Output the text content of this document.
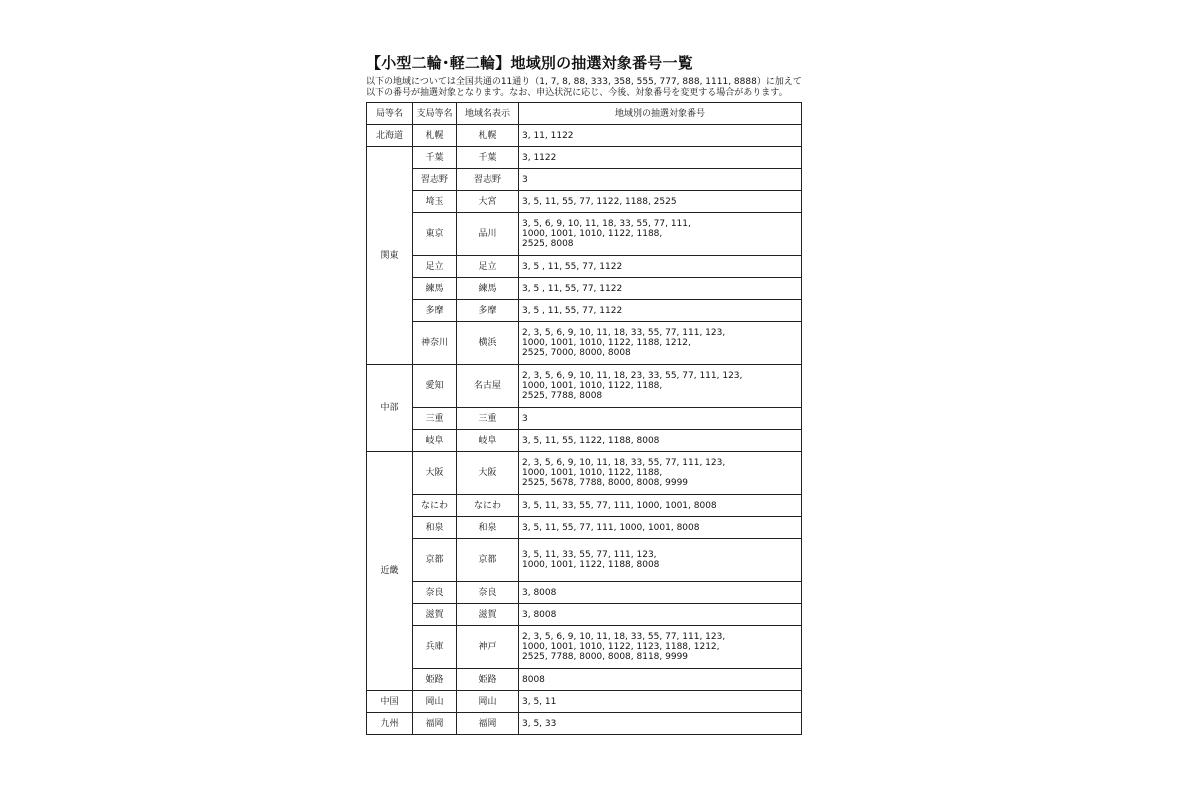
【小型二輪･軽二輪】地域別の抽選対象番号一覧
以下の地域については全国共通の11通り（1, 7, 8, 88, 333, 358, 555, 777, 888, 1111, 8888）に加えて以下の番号が抽選対象となります。なお、申込状況に応じ、今後、対象番号を変更する場合があります。
局等名	支局等名	地域名表示	地域別の抽選対象番号
北海道	札幌	札幌	3, 11, 1122
関東	千葉	千葉	3, 1122
	習志野	習志野	3
	埼玉	大宮	3, 5, 11, 55, 77, 1122, 1188, 2525
	東京	品川	3, 5, 6, 9, 10, 11, 18, 33, 55, 77, 111,
1000, 1001, 1010, 1122, 1188,
2525, 8008
	足立	足立	3, 5 , 11, 55, 77, 1122
	練馬	練馬	3, 5 , 11, 55, 77, 1122
	多摩	多摩	3, 5 , 11, 55, 77, 1122
	神奈川	横浜	2, 3, 5, 6, 9, 10, 11, 18, 33, 55, 77, 111, 123,
1000, 1001, 1010, 1122, 1188, 1212,
2525, 7000, 8000, 8008
中部	愛知	名古屋	2, 3, 5, 6, 9, 10, 11, 18, 23, 33, 55, 77, 111, 123,
1000, 1001, 1010, 1122, 1188,
2525, 7788, 8008
	三重	三重	3
	岐阜	岐阜	3, 5, 11, 55, 1122, 1188, 8008
近畿	大阪	大阪	2, 3, 5, 6, 9, 10, 11, 18, 33, 55, 77, 111, 123,
1000, 1001, 1010, 1122, 1188,
2525, 5678, 7788, 8000, 8008, 9999
	なにわ	なにわ	3, 5, 11, 33, 55, 77, 111, 1000, 1001, 8008
	和泉	和泉	3, 5, 11, 55, 77, 111, 1000, 1001, 8008
	京都	京都	3, 5, 11, 33, 55, 77, 111, 123,
1000, 1001, 1122, 1188, 8008
	奈良	奈良	3, 8008
	滋賀	滋賀	3, 8008
	兵庫	神戸	2, 3, 5, 6, 9, 10, 11, 18, 33, 55, 77, 111, 123,
1000, 1001, 1010, 1122, 1123, 1188, 1212,
2525, 7788, 8000, 8008, 8118, 9999
	姫路	姫路	8008
中国	岡山	岡山	3, 5, 11
九州	福岡	福岡	3, 5, 33
